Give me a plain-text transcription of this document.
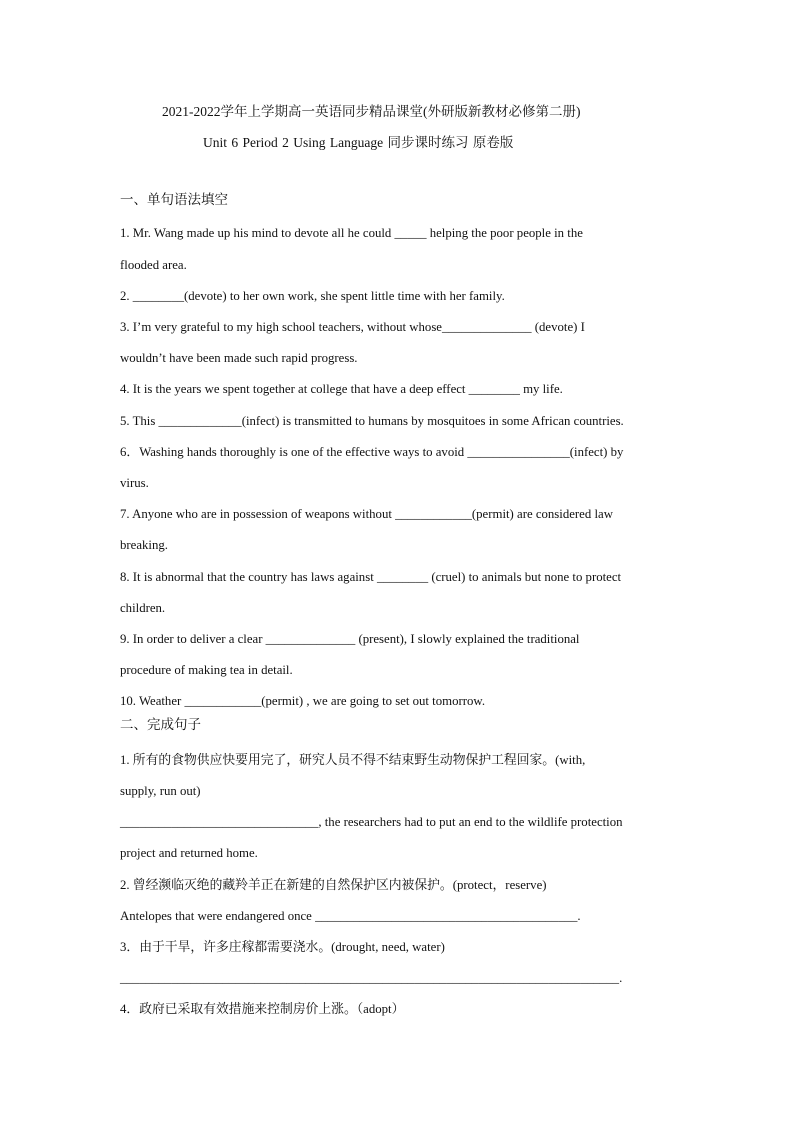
2021-2022学年上学期高一英语同步精品课堂(外研版新教材必修第二册)
Unit 6 Period 2 Using Language 同步课时练习 原卷版
一、单句语法填空
1. Mr. Wang made up his mind to devote all he could _____ helping the poor people in the
flooded area.
2. ________(devote) to her own work, she spent little time with her family.
3. I’m very grateful to my high school teachers, without whose______________ (devote) I
wouldn’t have been made such rapid progress.
4. It is the years we spent together at college that have a deep effect ________ my life.
5. This _____________(infect) is transmitted to humans by mosquitoes in some African countries.
6．Washing hands thoroughly is one of the effective ways to avoid ________________(infect) by
virus.
7. Anyone who are in possession of weapons without ____________(permit) are considered law
breaking.
8. It is abnormal that the country has laws against ________ (cruel) to animals but none to protect
children.
9. In order to deliver a clear ______________ (present), I slowly explained the traditional
procedure of making tea in detail.
10. Weather ____________(permit) , we are going to set out tomorrow.
二、完成句子
1. 所有的食物供应快要用完了，研究人员不得不结束野生动物保护工程回家。(with,
supply, run out)
_______________________________, the researchers had to put an end to the wildlife protection
project and returned home.
2. 曾经濒临灭绝的藏羚羊正在新建的自然保护区内被保护。(protect，reserve)
Antelopes that were endangered once _________________________________________.
3．由于干旱，许多庄稼都需要浇水。(drought, need, water)
______________________________________________________________________________.
4．政府已采取有效措施来控制房价上涨。（adopt）
